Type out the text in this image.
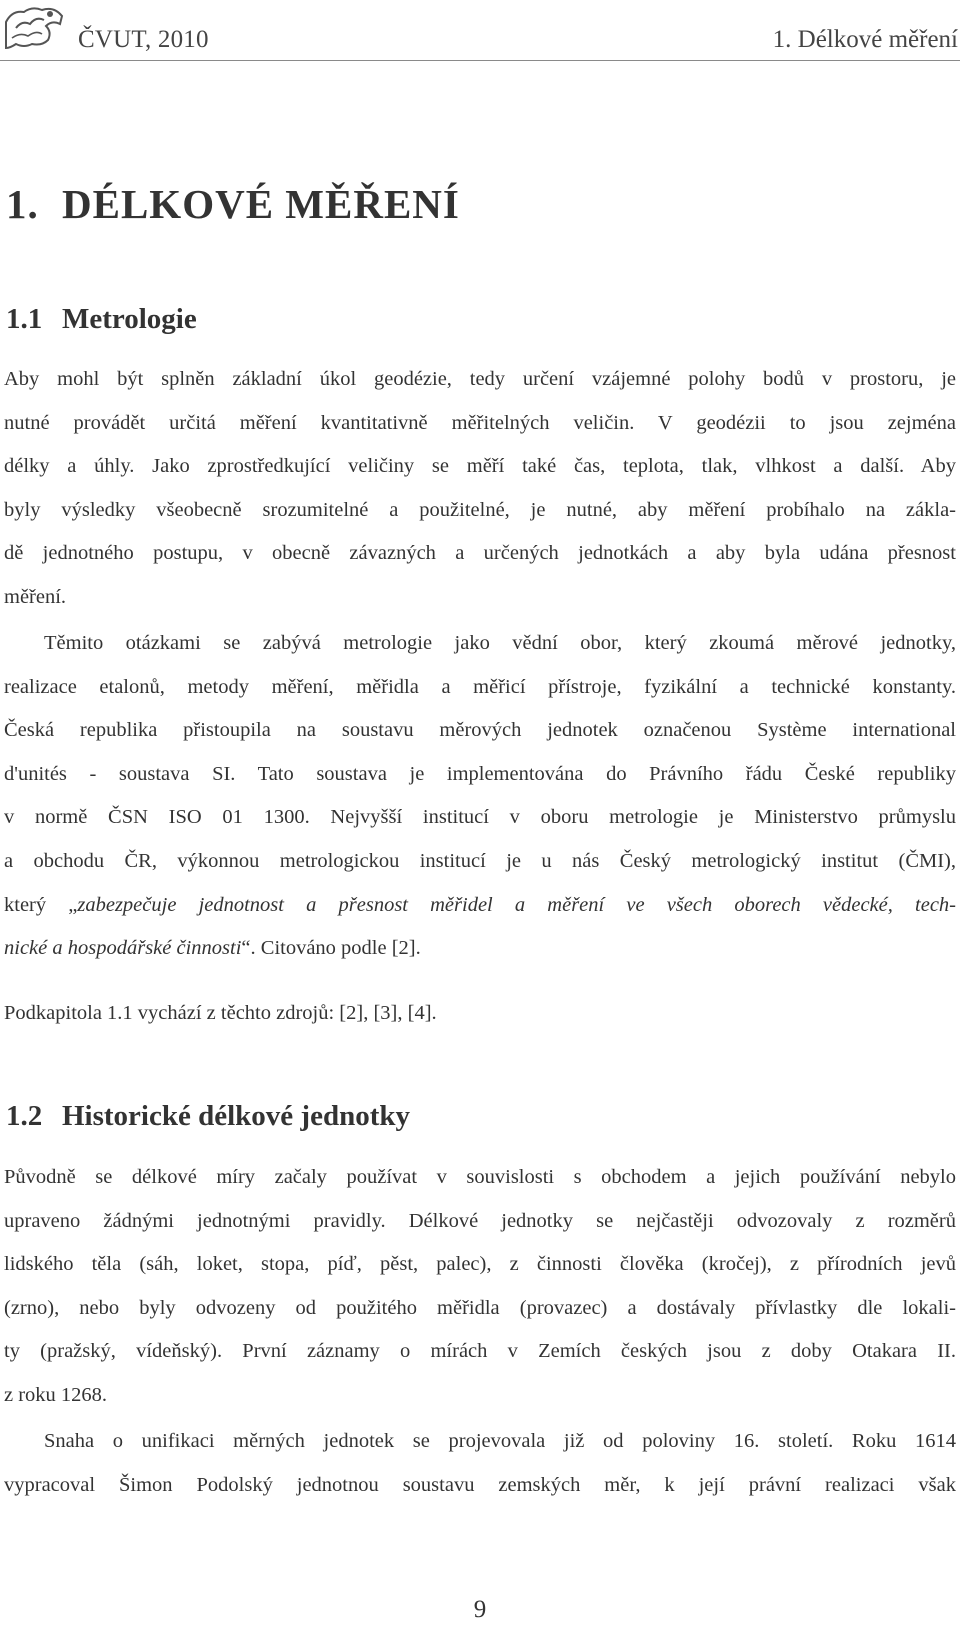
ČVUT, 2010	1. Délkové měření
1. DÉLKOVÉ MĚŘENÍ
1.1 Metrologie
Aby mohl být splněn základní úkol geodézie, tedy určení vzájemné polohy bodů v prostoru, je
nutné provádět určitá měření kvantitativně měřitelných veličin. V geodézii to jsou zejména
délky a úhly. Jako zprostředkující veličiny se měří také čas, teplota, tlak, vlhkost a další. Aby
byly výsledky všeobecně srozumitelné a použitelné, je nutné, aby měření probíhalo na zákla-
dě jednotného postupu, v obecně závazných a určených jednotkách a aby byla udána přesnost
měření.
Těmito otázkami se zabývá metrologie jako vědní obor, který zkoumá měrové jednotky,
realizace etalonů, metody měření, měřidla a měřicí přístroje, fyzikální a technické konstanty.
Česká republika přistoupila na soustavu měrových jednotek označenou Système international
d'unités - soustava SI. Tato soustava je implementována do Právního řádu České republiky
v normě ČSN ISO 01 1300. Nejvyšší institucí v oboru metrologie je Ministerstvo průmyslu
a obchodu ČR, výkonnou metrologickou institucí je u nás Český metrologický institut (ČMI),
který „zabezpečuje jednotnost a přesnost měřidel a měření ve všech oborech vědecké, tech-
nické a hospodářské činnosti“. Citováno podle [2].
Podkapitola 1.1 vychází z těchto zdrojů: [2], [3], [4].
1.2 Historické délkové jednotky
Původně se délkové míry začaly používat v souvislosti s obchodem a jejich používání nebylo
upraveno žádnými jednotnými pravidly. Délkové jednotky se nejčastěji odvozovaly z rozměrů
lidského těla (sáh, loket, stopa, píď, pěst, palec), z činnosti člověka (kročej), z přírodních jevů
(zrno), nebo byly odvozeny od použitého měřidla (provazec) a dostávaly přívlastky dle lokali-
ty (pražský, vídeňský). První záznamy o mírách v Zemích českých jsou z doby Otakara II.
z roku 1268.
Snaha o unifikaci měrných jednotek se projevovala již od poloviny 16. století. Roku 1614
vypracoval Šimon Podolský jednotnou soustavu zemských měr, k její právní realizaci však
9
